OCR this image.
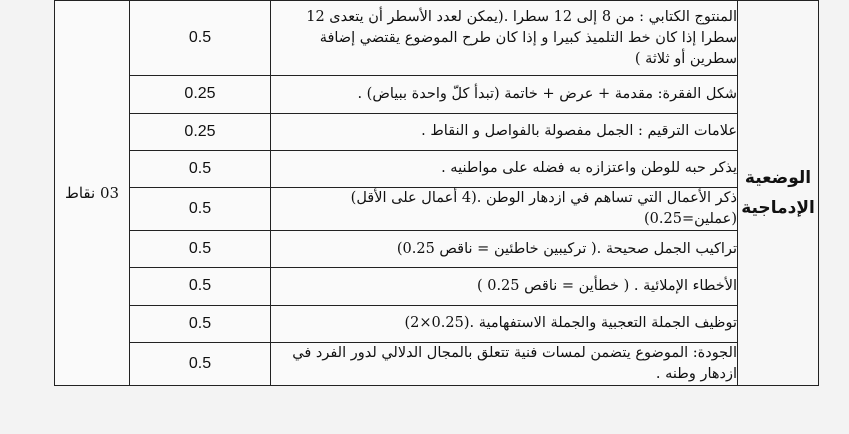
الوضعية
الإدماجية	المنتوج الكتابي : من 8 إلى 12 سطرا .(يمكن لعدد الأسطر أن يتعدى 12 سطرا إذا كان خط التلميذ كبيرا و إذا كان طرح الموضوع يقتضي إضافة سطرين أو ثلاثة )	0.5	03 نقاط
	شكل الفقرة: مقدمة + عرض + خاتمة (تبدأ كلّ واحدة ببياض) .	0.25	
	علامات الترقيم : الجمل مفصولة بالفواصل و النقاط .	0.25	
	يذكر حبه للوطن واعتزازه به فضله على مواطنيه .	0.5	
	ذكر الأعمال التي تساهم في ازدهار الوطن .(4 أعمال على الأقل) (عملين=0.25)	0.5	
	تراكيب الجمل صحيحة .( تركيبين خاطئين = ناقص 0.25)	0.5	
	الأخطاء الإملائية . ( خطأين = ناقص 0.25 )	0.5	
	توظيف الجملة التعجبية والجملة الاستفهامية .(0.25×2)	0.5	
	الجودة: الموضوع يتضمن لمسات فنية تتعلق بالمجال الدلالي لدور الفرد في ازدهار وطنه .	0.5	
